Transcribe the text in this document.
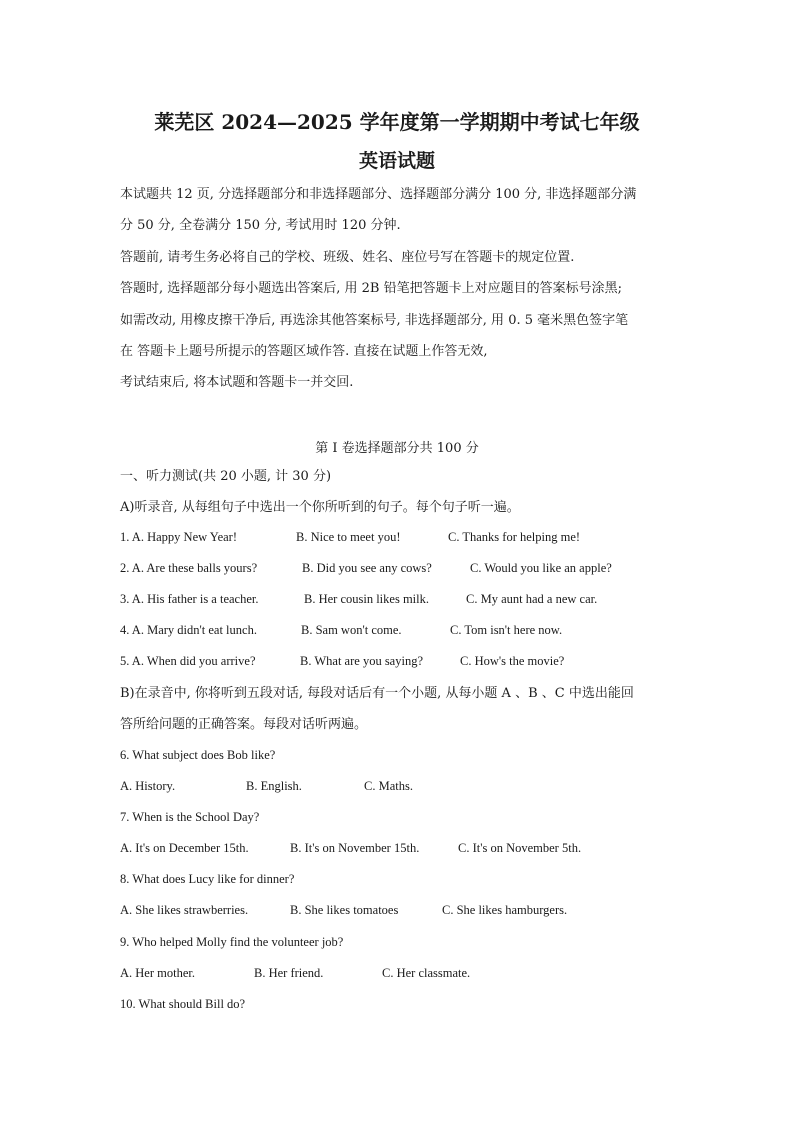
莱芜区 2024—2025 学年度第一学期期中考试七年级
英语试题
本试题共 12 页, 分选择题部分和非选择题部分、选择题部分满分 100 分, 非选择题部分满
分 50 分, 全卷满分 150 分, 考试用时 120 分钟.
答题前, 请考生务必将自己的学校、班级、姓名、座位号写在答题卡的规定位置.
答题时, 选择题部分每小题选出答案后, 用 2B 铅笔把答题卡上对应题目的答案标号涂黑;
如需改动, 用橡皮擦干净后, 再选涂其他答案标号, 非选择题部分, 用 0. 5 毫米黑色签字笔
在 答题卡上题号所提示的答题区域作答. 直接在试题上作答无效,
考试结束后, 将本试题和答题卡一并交回.
第 I 卷选择题部分共 100 分
一、听力测试(共 20 小题, 计 30 分)
A)听录音, 从每组句子中选出一个你所听到的句子。每个句子听一遍。
1. A. Happy New Year!	B. Nice to meet you!	C. Thanks for helping me!
2. A. Are these balls yours?	B. Did you see any cows?	C. Would you like an apple?
3. A. His father is a teacher.	B. Her cousin likes milk.	C. My aunt had a new car.
4. A. Mary didn't eat lunch.	B. Sam won't come.	C. Tom isn't here now.
5. A. When did you arrive?	B. What are you saying?	C. How's the movie?
B)在录音中, 你将听到五段对话, 每段对话后有一个小题, 从每小题 A 、B 、C 中选出能回
答所给问题的正确答案。每段对话听两遍。
6. What subject does Bob like?
A. History.	B. English.	C. Maths.
7. When is the School Day?
A. It's on December 15th.	B. It's on November 15th.	C. It's on November 5th.
8. What does Lucy like for dinner?
A. She likes strawberries.	B. She likes tomatoes	C. She likes hamburgers.
9. Who helped Molly find the volunteer job?
A. Her mother.	B. Her friend.	C. Her classmate.
10. What should Bill do?
